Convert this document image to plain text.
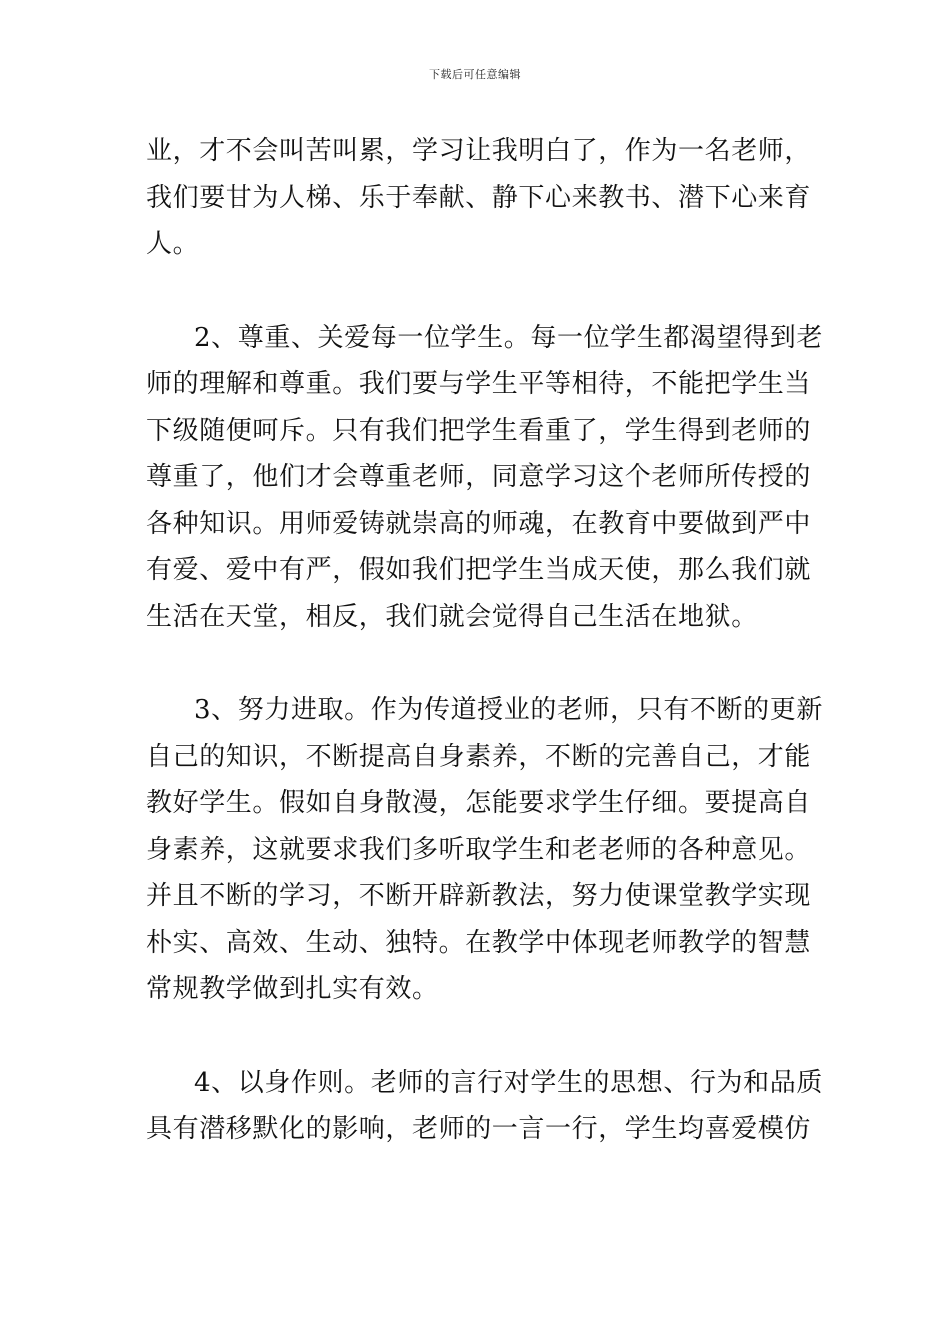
下载后可任意编辑
业，才不会叫苦叫累，学习让我明白了，作为一名老师，
我们要甘为人梯、乐于奉献、静下心来教书、潜下心来育
人。
2、尊重、关爱每一位学生。每一位学生都渴望得到老
师的理解和尊重。我们要与学生平等相待，不能把学生当
下级随便呵斥。只有我们把学生看重了，学生得到老师的
尊重了，他们才会尊重老师，同意学习这个老师所传授的
各种知识。用师爱铸就崇高的师魂，在教育中要做到严中
有爱、爱中有严，假如我们把学生当成天使，那么我们就
生活在天堂，相反，我们就会觉得自己生活在地狱。
3、努力进取。作为传道授业的老师，只有不断的更新
自己的知识，不断提高自身素养，不断的完善自己，才能
教好学生。假如自身散漫，怎能要求学生仔细。要提高自
身素养，这就要求我们多听取学生和老老师的各种意见。
并且不断的学习，不断开辟新教法，努力使课堂教学实现
朴实、高效、生动、独特。在教学中体现老师教学的智慧
常规教学做到扎实有效。
4、以身作则。老师的言行对学生的思想、行为和品质
具有潜移默化的影响，老师的一言一行，学生均喜爱模仿
